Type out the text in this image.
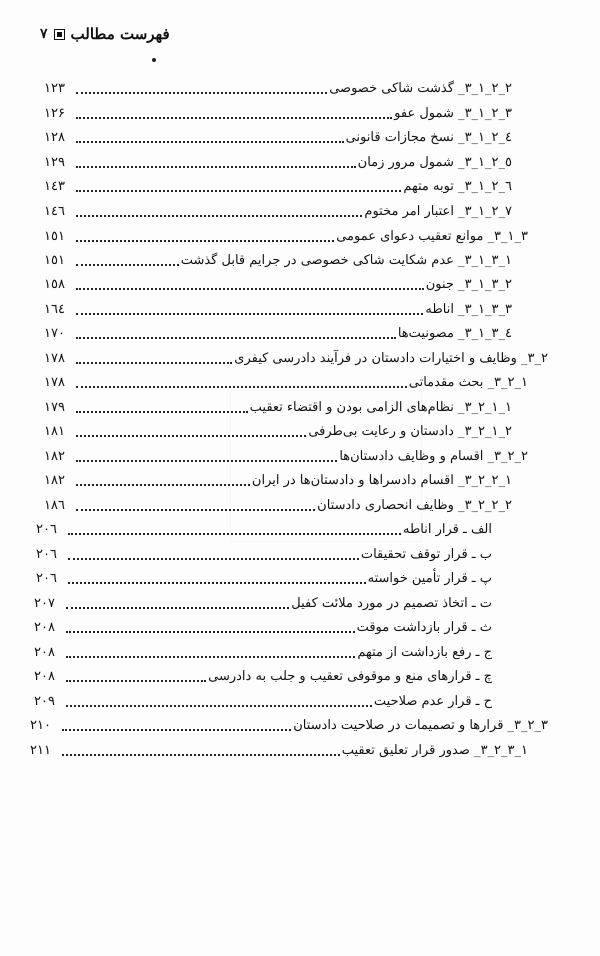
فهرست مطالب
۷
۱۲۳	۲_۲_۱_۳_ گذشت شاکی خصوصی
۱۲۶	۳_۲_۱_۳_ شمول عفو
۱۲۸	٤_۲_۱_۳_ نسخ مجازات قانونی
۱۲۹	٥_۲_۱_۳_ شمول مرور زمان
۱٤۳	٦_۲_۱_۳_ توبه متهم
۱٤٦	۷_۲_۱_۳_ اعتبار امر مختوم
۱٥۱	۳_۱_۳_ موانع تعقیب دعوای عمومی
۱٥۱	۱_۳_۱_۳_ عدم شکایت شاکی خصوصی در جرایم قابل گذشت
۱٥۸	۲_۳_۱_۳_ جنون
۱٦٤	۳_۳_۱_۳_ اناطه
۱۷۰	٤_۳_۱_۳_ مصونیت‌ها
۱۷۸	۲_۳_ وظایف و اختیارات دادستان در فرآیند دادرسی کیفری
۱۷۸	۱_۲_۳_ بحث مقدماتی
۱۷۹	۱_۱_۲_۳_ نظام‌های الزامی بودن و اقتضاء تعقیب
۱۸۱	۲_۱_۲_۳_ دادستان و رعایت بی‌طرفی
۱۸۲	۲_۲_۳_ اقسام و وظایف دادستان‌ها
۱۸۲	۱_۲_۲_۳_ اقسام دادسراها و دادستان‌ها در ایران
۱۸٦	۲_۲_۲_۳_ وظایف انحصاری دادستان
۲۰٦	الف ـ قرار اناطه
۲۰٦	ب ـ قرار توقف تحقیقات
۲۰٦	پ ـ قرار تأمین خواسته
۲۰۷	ت ـ اتخاذ تصمیم در مورد ملائت کفیل
۲۰۸	ث ـ قرار بازداشت موقت
۲۰۸	ج ـ رفع بازداشت از متهم
۲۰۸	چ ـ قرارهای منع و موقوفی تعقیب و جلب به دادرسی
۲۰۹	ح ـ قرار عدم صلاحیت
۲۱۰	۳_۲_۳_ قرارها و تصمیمات در صلاحیت دادستان
۲۱۱	۱_۳_۲_۳_ صدور قرار تعلیق تعقیب
